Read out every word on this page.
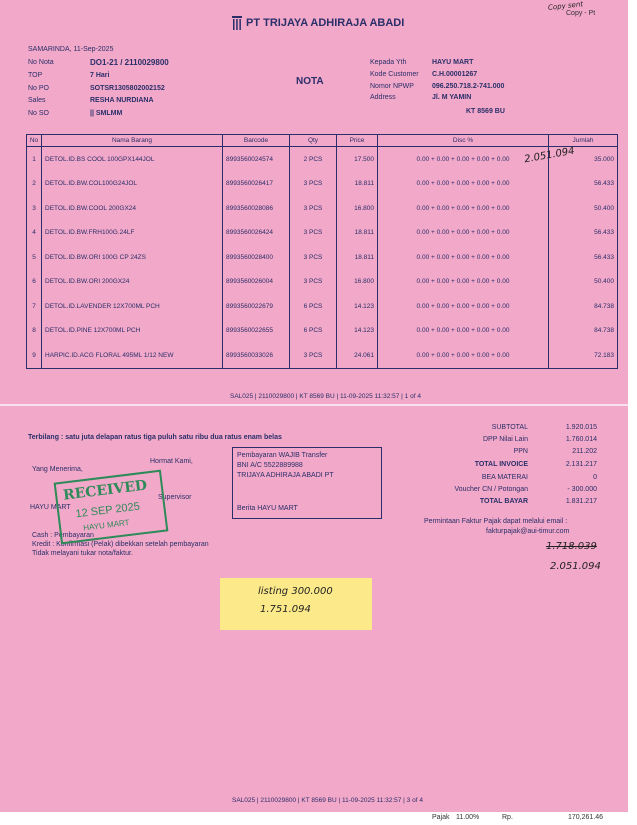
PT TRIJAYA ADHIRAJA ABADI
Copy - Pt
Copy sent
NOTA
SAMARINDA, 11-Sep-2025
No Nota	DO1-21 / 2110029800
TOP	7 Hari
No PO	SOTSR1305802002152
Sales	RESHA NURDIANA
No SO	|| SMLMM
Kepada Yth	HAYU MART
Kode Customer C.H.00001267
Nomor NPWP	096.250.718.2-741.000
Address	Jl. M YAMIN
KT 8569 BU
No	Nama Barang	Barcode	Qty	Price	Disc %	Jumlah
1	DETOL.ID.BS COOL 100GPX144JOL	8993560024574	2 PCS	17.500	0.00 + 0.00 + 0.00 + 0.00 + 0.00	35.000
2	DETOL.ID.BW.COL100G24JOL	8993560026417	3 PCS	18.811	0.00 + 0.00 + 0.00 + 0.00 + 0.00	56.433
3	DETOL.ID.BW.COOL 200GX24	8993560028086	3 PCS	16.800	0.00 + 0.00 + 0.00 + 0.00 + 0.00	50.400
4	DETOL.ID.BW.FRH100G.24LF	8993560026424	3 PCS	18.811	0.00 + 0.00 + 0.00 + 0.00 + 0.00	56.433
5	DETOL.ID.BW.ORI 100G CP 24ZS	8993560028400	3 PCS	18.811	0.00 + 0.00 + 0.00 + 0.00 + 0.00	56.433
6	DETOL.ID.BW.ORI 200GX24	8993560026004	3 PCS	16.800	0.00 + 0.00 + 0.00 + 0.00 + 0.00	50.400
7	DETOL.ID.LAVENDER 12X700ML PCH	8993560022679	6 PCS	14.123	0.00 + 0.00 + 0.00 + 0.00 + 0.00	84.738
8	DETOL.ID.PINE 12X700ML PCH	8993560022655	6 PCS	14.123	0.00 + 0.00 + 0.00 + 0.00 + 0.00	84.738
9	HARPIC.ID.ACG FLORAL 495ML 1/12 NEW	8993560033026	3 PCS	24.061	0.00 + 0.00 + 0.00 + 0.00 + 0.00	72.183
2.051.094
SAL025 | 2110029800 | KT 8569 BU | 11-09-2025 11:32:57 | 1 of 4
Terbilang : satu juta delapan ratus tiga puluh satu ribu dua ratus enam belas
Yang Menerima,
Hormat Kami,
HAYU MART
Supervisor
Pembayaran WAJIB Transfer
BNI A/C 5522889988
TRIJAYA ADHIRAJA ABADI PT
Berita HAYU MART
SUBTOTAL	1.920.015
DPP Nilai Lain	1.760.014
PPN	211.202
TOTAL INVOICE	2.131.217
BEA MATERAI	0
Voucher CN / Potongan	- 300.000
TOTAL BAYAR	1.831.217
Permintaan Faktur Pajak dapat melalui email :
fakturpajak@aui-timur.com
1.718.039
2.051.094
Cash : Pembayaran
Kredit : Konfirmasi (Pelak) dibekkan setelah pembayaran
Tidak melayani tukar nota/faktur.
RECEIVED
12 SEP 2025
HAYU MART
listing 300.000
1.751.094
SAL025 | 2110029800 | KT 8569 BU | 11-09-2025 11:32:57 | 3 of 4
Pajak 11.00%	Rp.	170,261.46
